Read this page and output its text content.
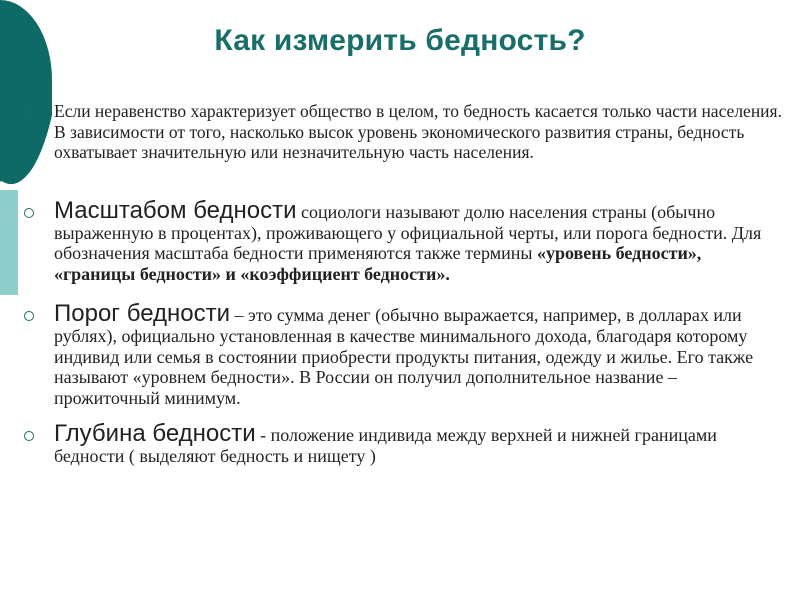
Как измерить бедность?
Если неравенство характеризует общество в целом, то бедность касается только части населения. В зависимости от того, насколько высок уровень экономического развития страны, бедность охватывает значительную или незначительную часть населения.
Масштабом бедности социологи называют долю населения страны (обычно выраженную в процентах), проживающего у официальной черты, или порога бедности. Для обозначения масштаба бедности применяются также термины «уровень бедности», «границы бедности» и «коэффициент бедности».
Порог бедности – это сумма денег (обычно выражается, например, в долларах или рублях), официально установленная в качестве минимального дохода, благодаря которому индивид или семья в состоянии приобрести продукты питания, одежду и жилье. Его также называют «уровнем бедности». В России он получил дополнительное название – прожиточный минимум.
Глубина бедности - положение индивида между верхней и нижней границами бедности ( выделяют бедность и нищету )
